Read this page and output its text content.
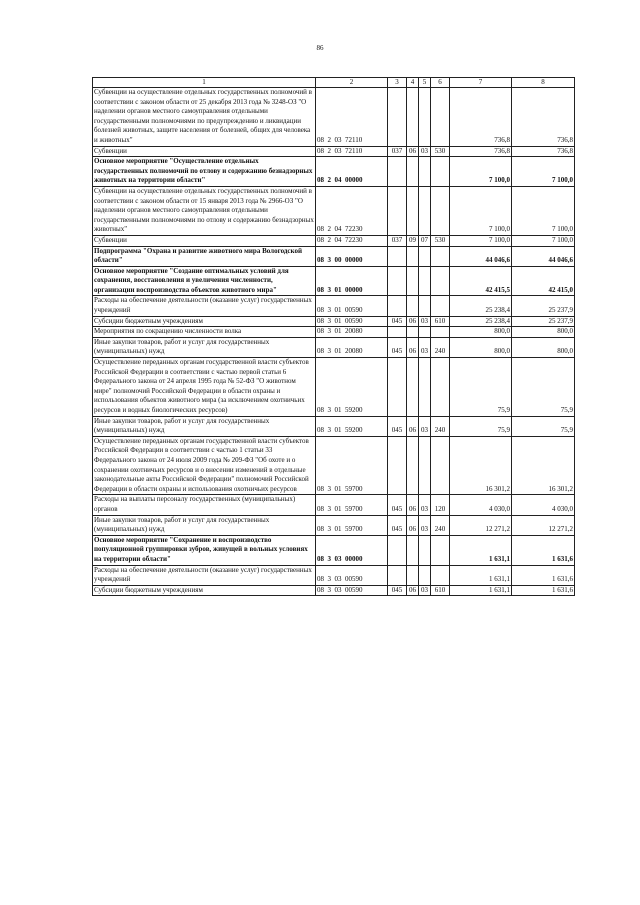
86
1	2	3	4	5	6	7	8
Субвенции на осуществление отдельных государственных полномочий в соответствии с законом области от 25 декабря 2013 года № 3248-ОЗ "О наделении органов местного самоуправления отдельными государственными полномочиями по предупреждению и ликвидации болезней животных, защите населения от болезней, общих для человека и животных"	08  2  03  72110					736,8	736,8
Субвенции	08  2  03  72110	037	06	03	530	736,8	736,8
Основное мероприятие "Осуществление отдельных государственных полномочий по отлову и содержанию безнадзорных животных на территории области"	08  2  04  00000					7 100,0	7 100,0
Субвенции на осуществление отдельных государственных полномочий в соответствии с законом области от 15 января 2013 года № 2966-ОЗ "О наделении органов местного самоуправления отдельными государственными полномочиями по отлову и содержанию безнадзорных животных"	08  2  04  72230					7 100,0	7 100,0
Субвенции	08  2  04  72230	037	09	07	530	7 100,0	7 100,0
Подпрограмма "Охрана и развитие животного мира Вологодской области"	08  3  00  00000					44 046,6	44 046,6
Основное мероприятие "Создание оптимальных условий для сохранения, восстановления и увеличения численности, организации воспроизводства объектов животного мира"	08  3  01  00000					42 415,5	42 415,0
Расходы на обеспечение деятельности (оказание услуг) государственных учреждений	08  3  01  00590					25 238,4	25 237,9
Субсидии бюджетным учреждениям	08  3  01  00590	045	06	03	610	25 238,4	25 237,9
Мероприятия по сокращению численности волка	08  3  01  20080					800,0	800,0
Иные закупки товаров, работ и услуг для государственных (муниципальных) нужд	08  3  01  20080	045	06	03	240	800,0	800,0
Осуществление переданных органам государственной власти субъектов Российской Федерации в соответствии с частью первой статьи 6 Федерального закона от 24 апреля 1995 года № 52-ФЗ "О животном мире" полномочий Российской Федерации в области охраны и использования объектов животного мира (за исключением охотничьих ресурсов и водных биологических ресурсов)	08  3  01  59200					75,9	75,9
Иные закупки товаров, работ и услуг для государственных (муниципальных) нужд	08  3  01  59200	045	06	03	240	75,9	75,9
Осуществление переданных органам государственной власти субъектов Российской Федерации в соответствии с частью 1 статьи 33 Федерального закона от 24 июля 2009 года № 209-ФЗ "Об охоте и о сохранении охотничьих ресурсов и о внесении изменений в отдельные законодательные акты Российской Федерации" полномочий Российской Федерации в области охраны и использования охотничьих ресурсов	08  3  01  59700					16 301,2	16 301,2
Расходы на выплаты персоналу государственных (муниципальных) органов	08  3  01  59700	045	06	03	120	4 030,0	4 030,0
Иные закупки товаров, работ и услуг для государственных (муниципальных) нужд	08  3  01  59700	045	06	03	240	12 271,2	12 271,2
Основное мероприятие "Сохранение и воспроизводство популяционной группировки зубров, живущей в вольных условиях на территории области"	08  3  03  00000					1 631,1	1 631,6
Расходы на обеспечение деятельности (оказание услуг) государственных учреждений	08  3  03  00590					1 631,1	1 631,6
Субсидии бюджетным учреждениям	08  3  03  00590	045	06	03	610	1 631,1	1 631,6
